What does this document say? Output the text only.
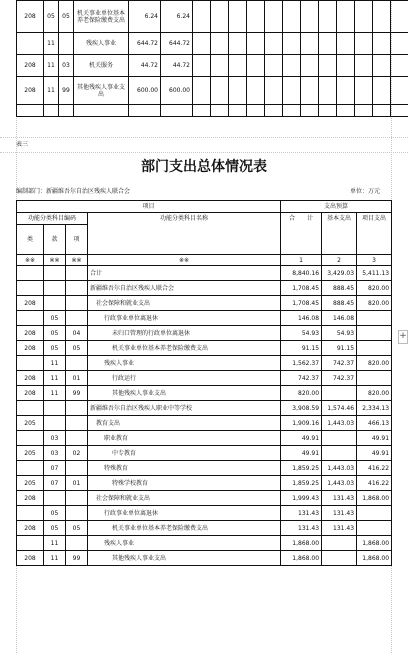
208	05	05	机关事业单位基本养老保险缴费支出	6.24	6.24												
	11		残疾人事业	644.72	644.72												
208	11	03	机关服务	44.72	44.72												
208	11	99	其他残疾人事业支出	600.00	600.00												

表三
部门支出总体情况表
编制部门：新疆维吾尔自治区残疾人联合会	单位：万元
项目				支出预算		
功能分类科目编码			功能分类科目名称	合　　计	基本支出	项目支出
类	款	项				
※※	※※	※※	※※	1	2	3
			合计	8,840.16	3,429.03	5,411.13
			新疆维吾尔自治区残疾人联合会	1,708.45	888.45	820.00
208			社会保障和就业支出	1,708.45	888.45	820.00
	05		行政事业单位离退休	146.08	146.08	
208	05	04	未归口管理的行政单位离退休	54.93	54.93	
208	05	05	机关事业单位基本养老保险缴费支出	91.15	91.15	
	11		残疾人事业	1,562.37	742.37	820.00
208	11	01	行政运行	742.37	742.37	
208	11	99	其他残疾人事业支出	820.00		820.00
			新疆维吾尔自治区残疾人职业中等学校	3,908.59	1,574.46	2,334.13
205			教育支出	1,909.16	1,443.03	466.13
	03		职业教育	49.91		49.91
205	03	02	中专教育	49.91		49.91
	07		特殊教育	1,859.25	1,443.03	416.22
205	07	01	特殊学校教育	1,859.25	1,443.03	416.22
208			社会保障和就业支出	1,999.43	131.43	1,868.00
	05		行政事业单位离退休	131.43	131.43	
208	05	05	机关事业单位基本养老保险缴费支出	131.43	131.43	
	11		残疾人事业	1,868.00		1,868.00
208	11	99	其他残疾人事业支出	1,868.00		1,868.00
+
